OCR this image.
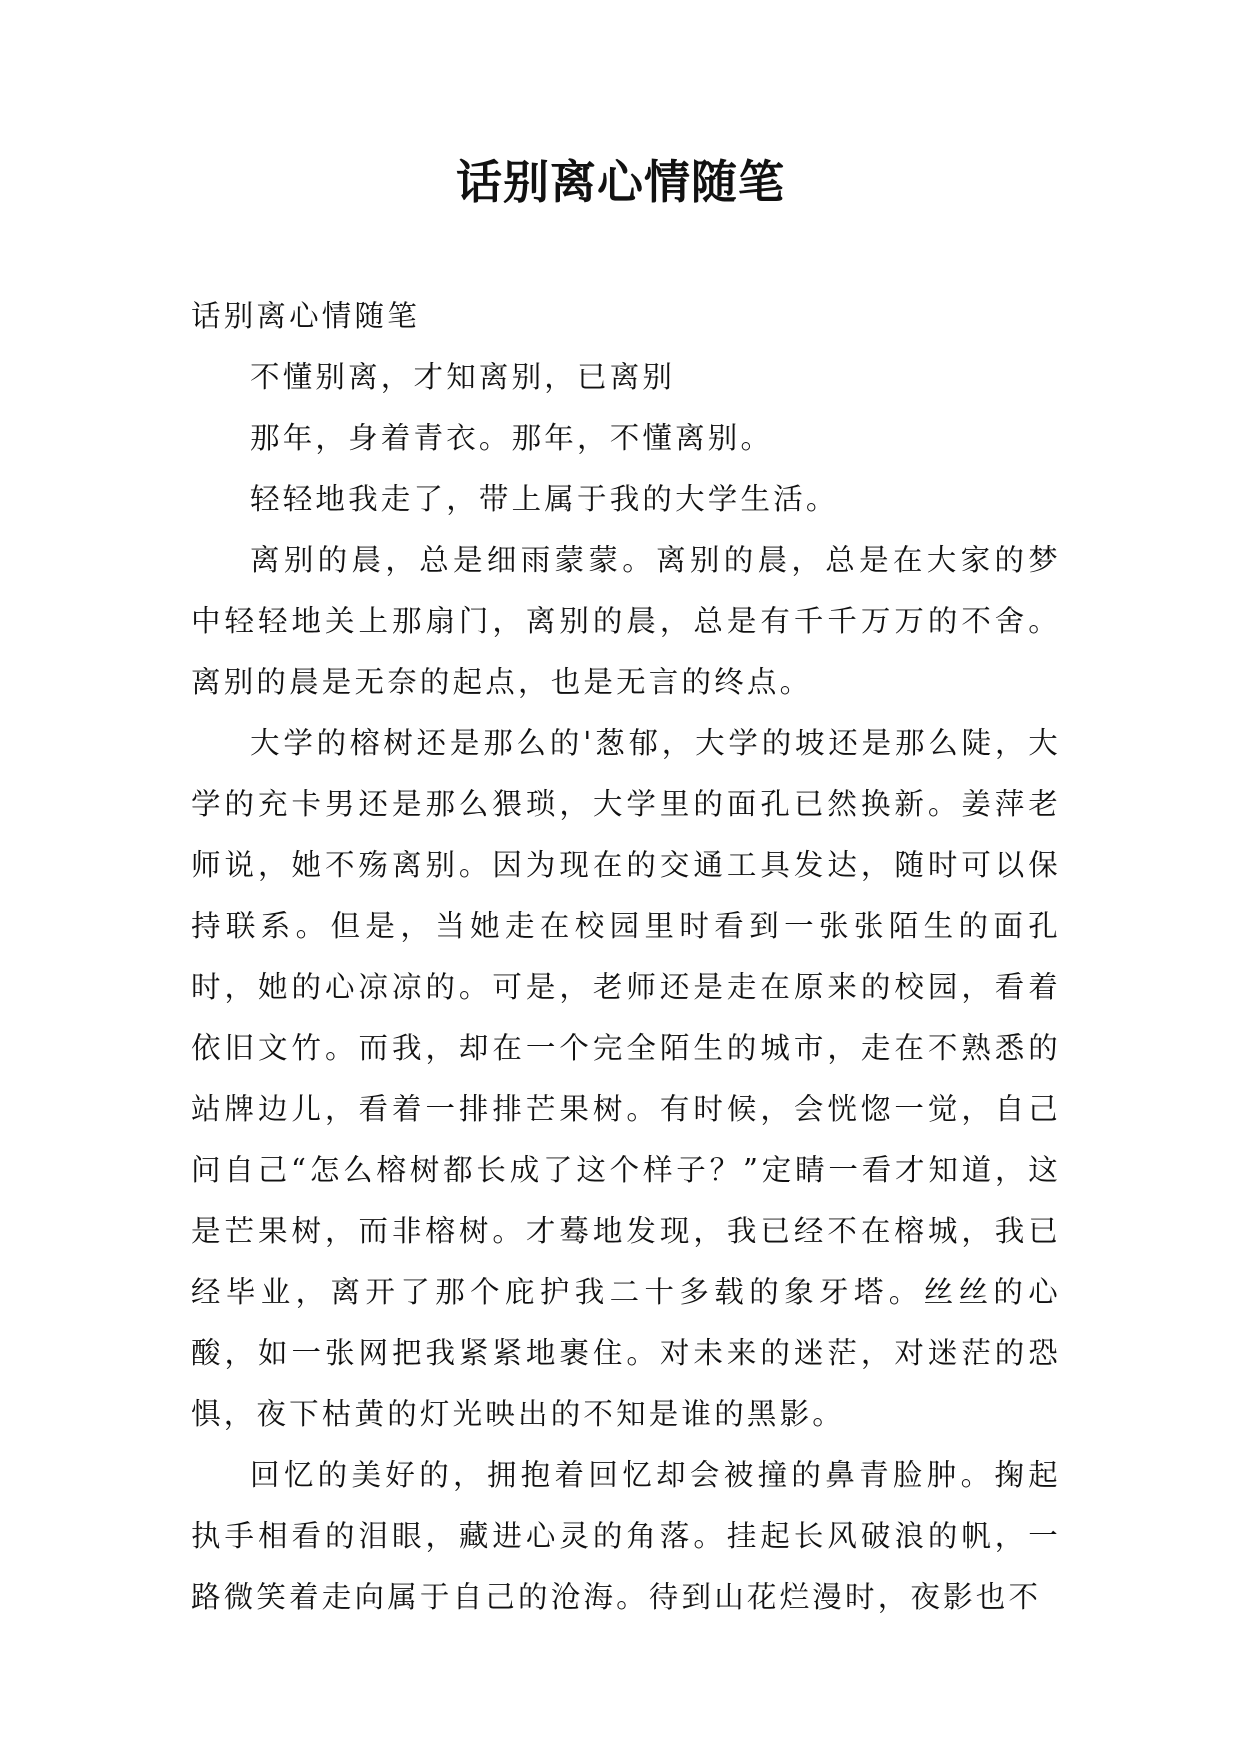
话别离心情随笔

话别离心情随笔

不懂别离，才知离别，已离别

那年，身着青衣。那年，不懂离别。

轻轻地我走了，带上属于我的大学生活。

离别的晨，总是细雨蒙蒙。离别的晨，总是在大家的梦中轻轻地关上那扇门，离别的晨，总是有千千万万的不舍。离别的晨是无奈的起点，也是无言的终点。

大学的榕树还是那么的'葱郁，大学的坡还是那么陡，大学的充卡男还是那么猥琐，大学里的面孔已然换新。姜萍老师说，她不殇离别。因为现在的交通工具发达，随时可以保持联系。但是，当她走在校园里时看到一张张陌生的面孔时，她的心凉凉的。可是，老师还是走在原来的校园，看着依旧文竹。而我，却在一个完全陌生的城市，走在不熟悉的站牌边儿，看着一排排芒果树。有时候，会恍惚一觉，自己问自己“怎么榕树都长成了这个样子？”定睛一看才知道，这是芒果树，而非榕树。才蓦地发现，我已经不在榕城，我已经毕业，离开了那个庇护我二十多载的象牙塔。丝丝的心酸，如一张网把我紧紧地裹住。对未来的迷茫，对迷茫的恐惧，夜下枯黄的灯光映出的不知是谁的黑影。

回忆的美好的，拥抱着回忆却会被撞的鼻青脸肿。掬起执手相看的泪眼，藏进心灵的角落。挂起长风破浪的帆，一路微笑着走向属于自己的沧海。待到山花烂漫时，夜影也不
